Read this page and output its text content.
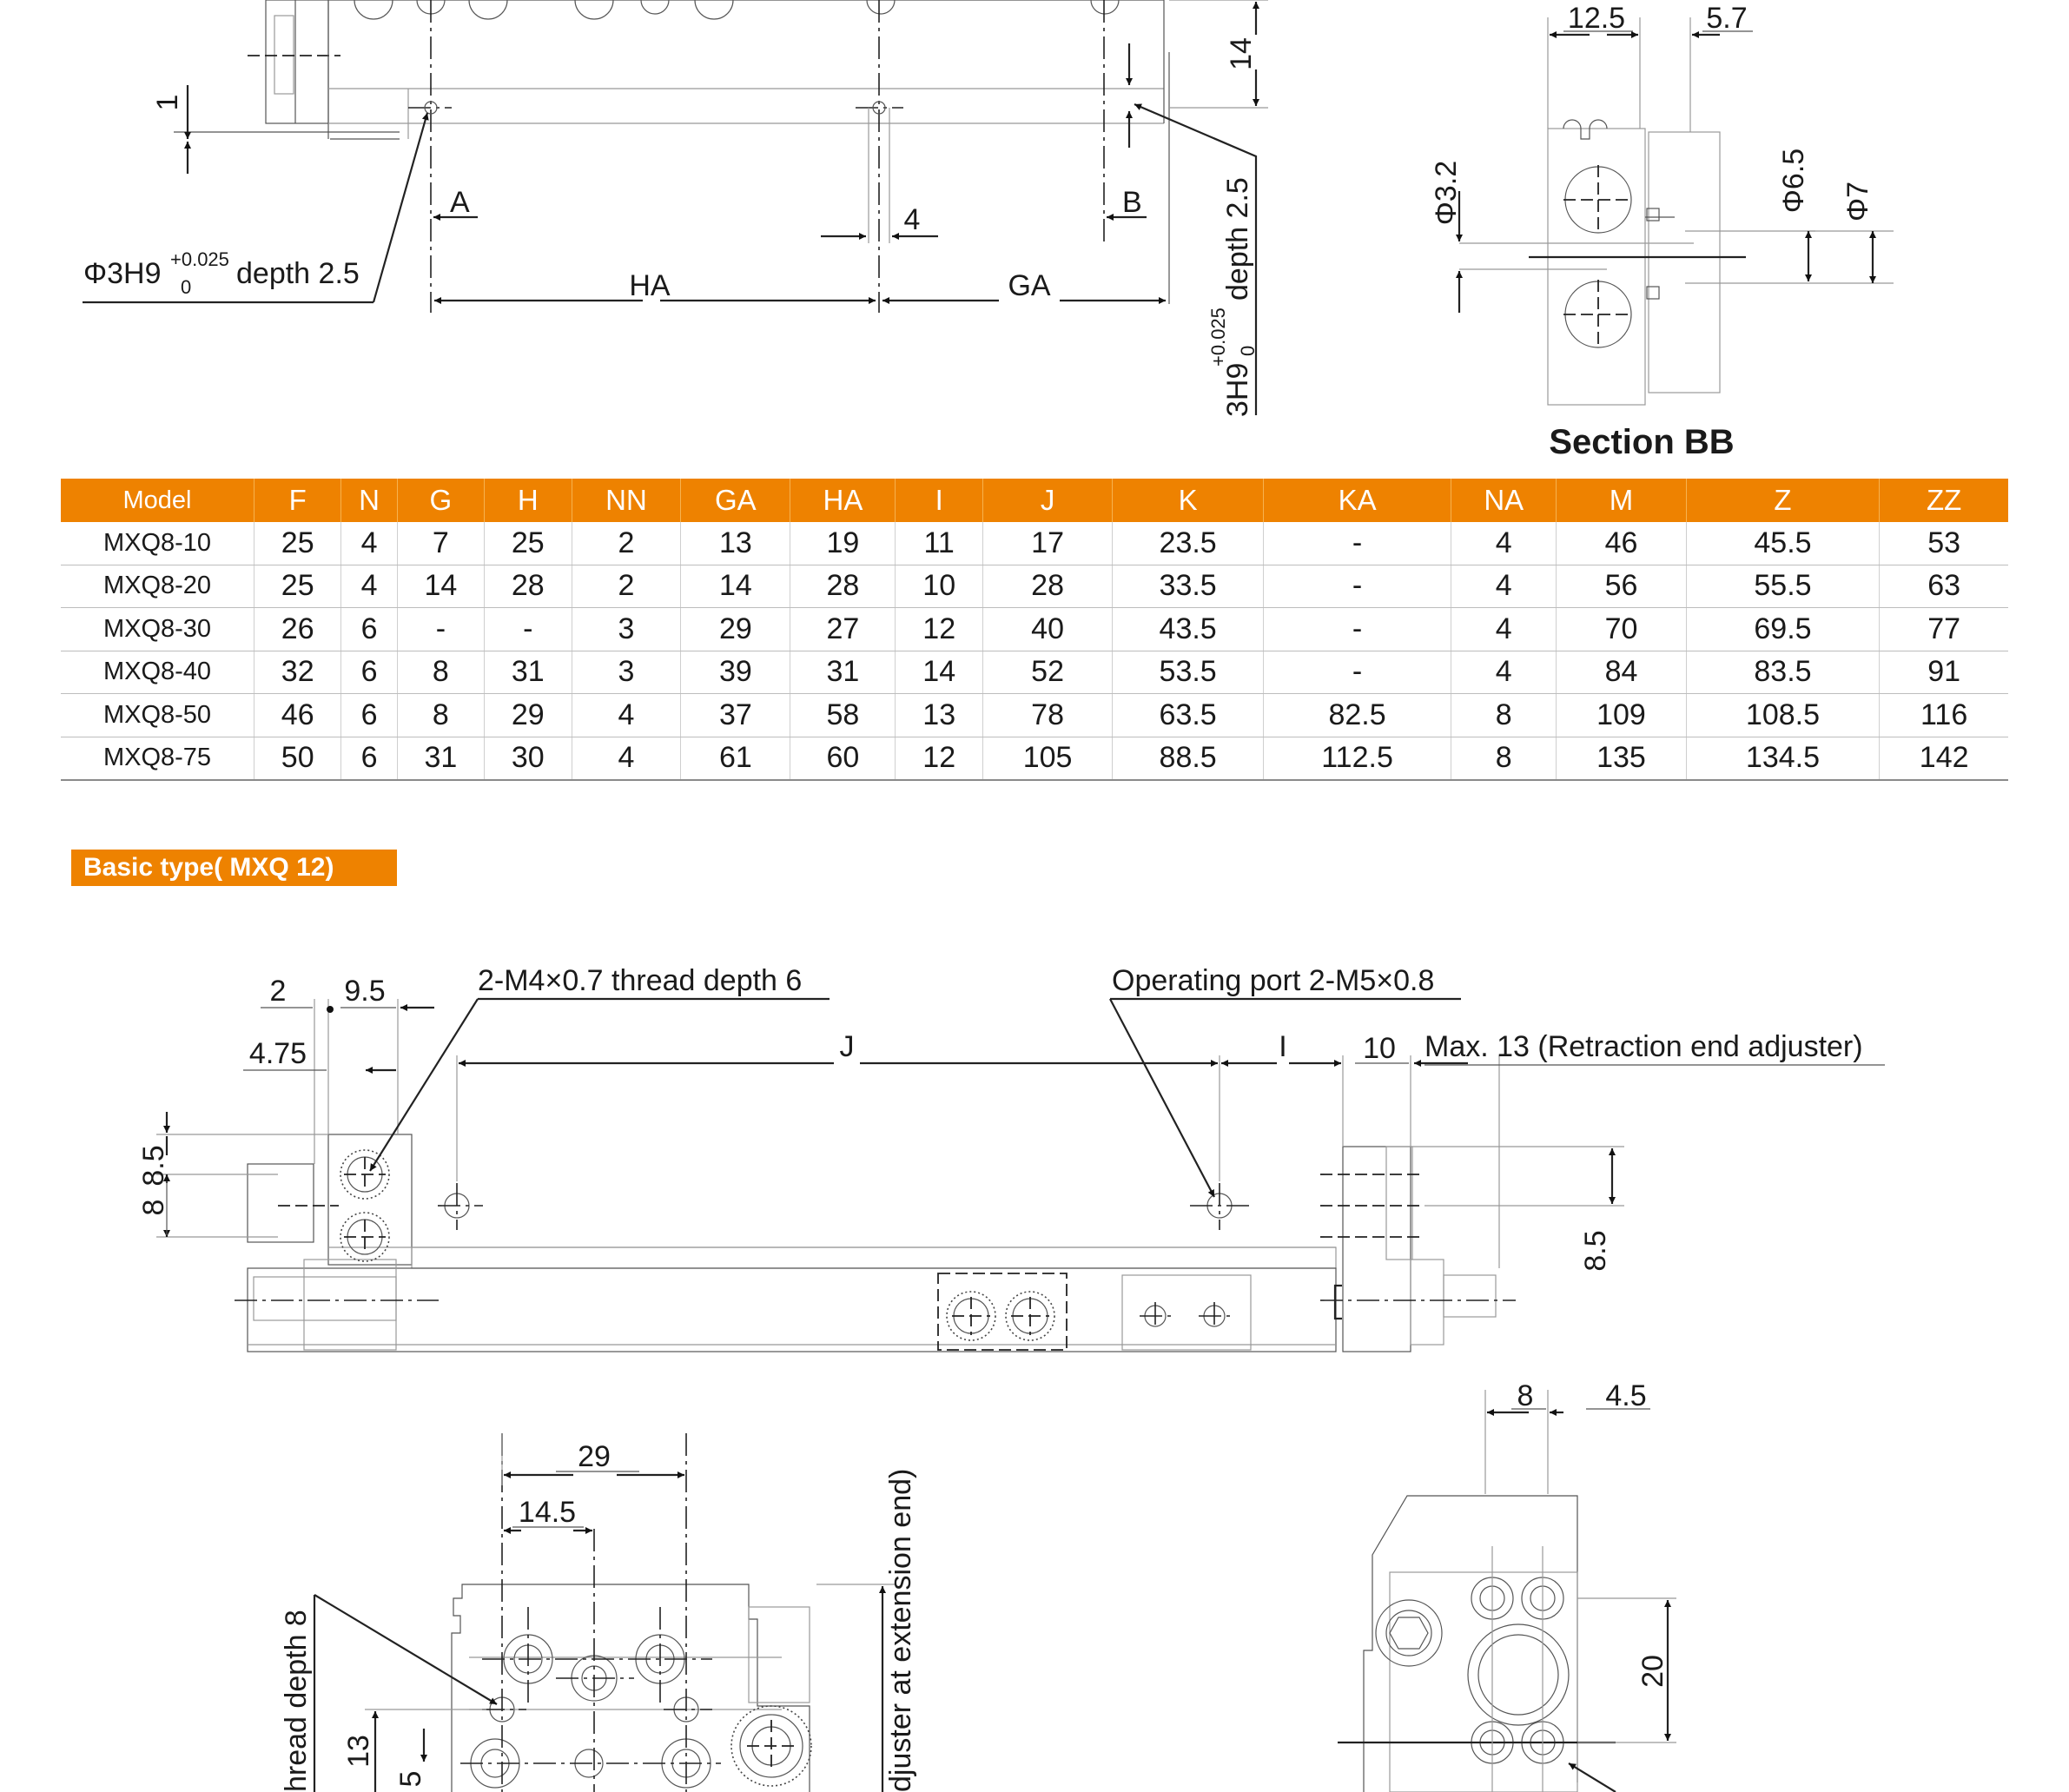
1
14
A	B
4
HA	GA
Φ3H9 +0.025
0 depth 2.5
3H9
+0.025 0
depth 2.5
12.5	5.7
Φ3.2	Φ6.5 Φ7
Section BB
2 9.5
4.75	J	I	10 Max. 13 (Retraction end adjuster)
2-M4×0.7 thread depth 6	Operating port 2-M5×0.8
8.5
8
8.5
29
14.5
13
5
hread depth 8	djuster at extension end)
8 4.5
20
Model	F	N	G	H	NN	GA	HA	I	J	K	KA	NA	M	Z	ZZ
MXQ8-10	25	4	7	25	2	13	19	11	17	23.5	-	4	46	45.5	53
MXQ8-20	25	4	14	28	2	14	28	10	28	33.5	-	4	56	55.5	63
MXQ8-30	26	6	-	-	3	29	27	12	40	43.5	-	4	70	69.5	77
MXQ8-40	32	6	8	31	3	39	31	14	52	53.5	-	4	84	83.5	91
MXQ8-50	46	6	8	29	4	37	58	13	78	63.5	82.5	8	109	108.5	116
MXQ8-75	50	6	31	30	4	61	60	12	105	88.5	112.5	8	135	134.5	142
Basic type( MXQ 12)
